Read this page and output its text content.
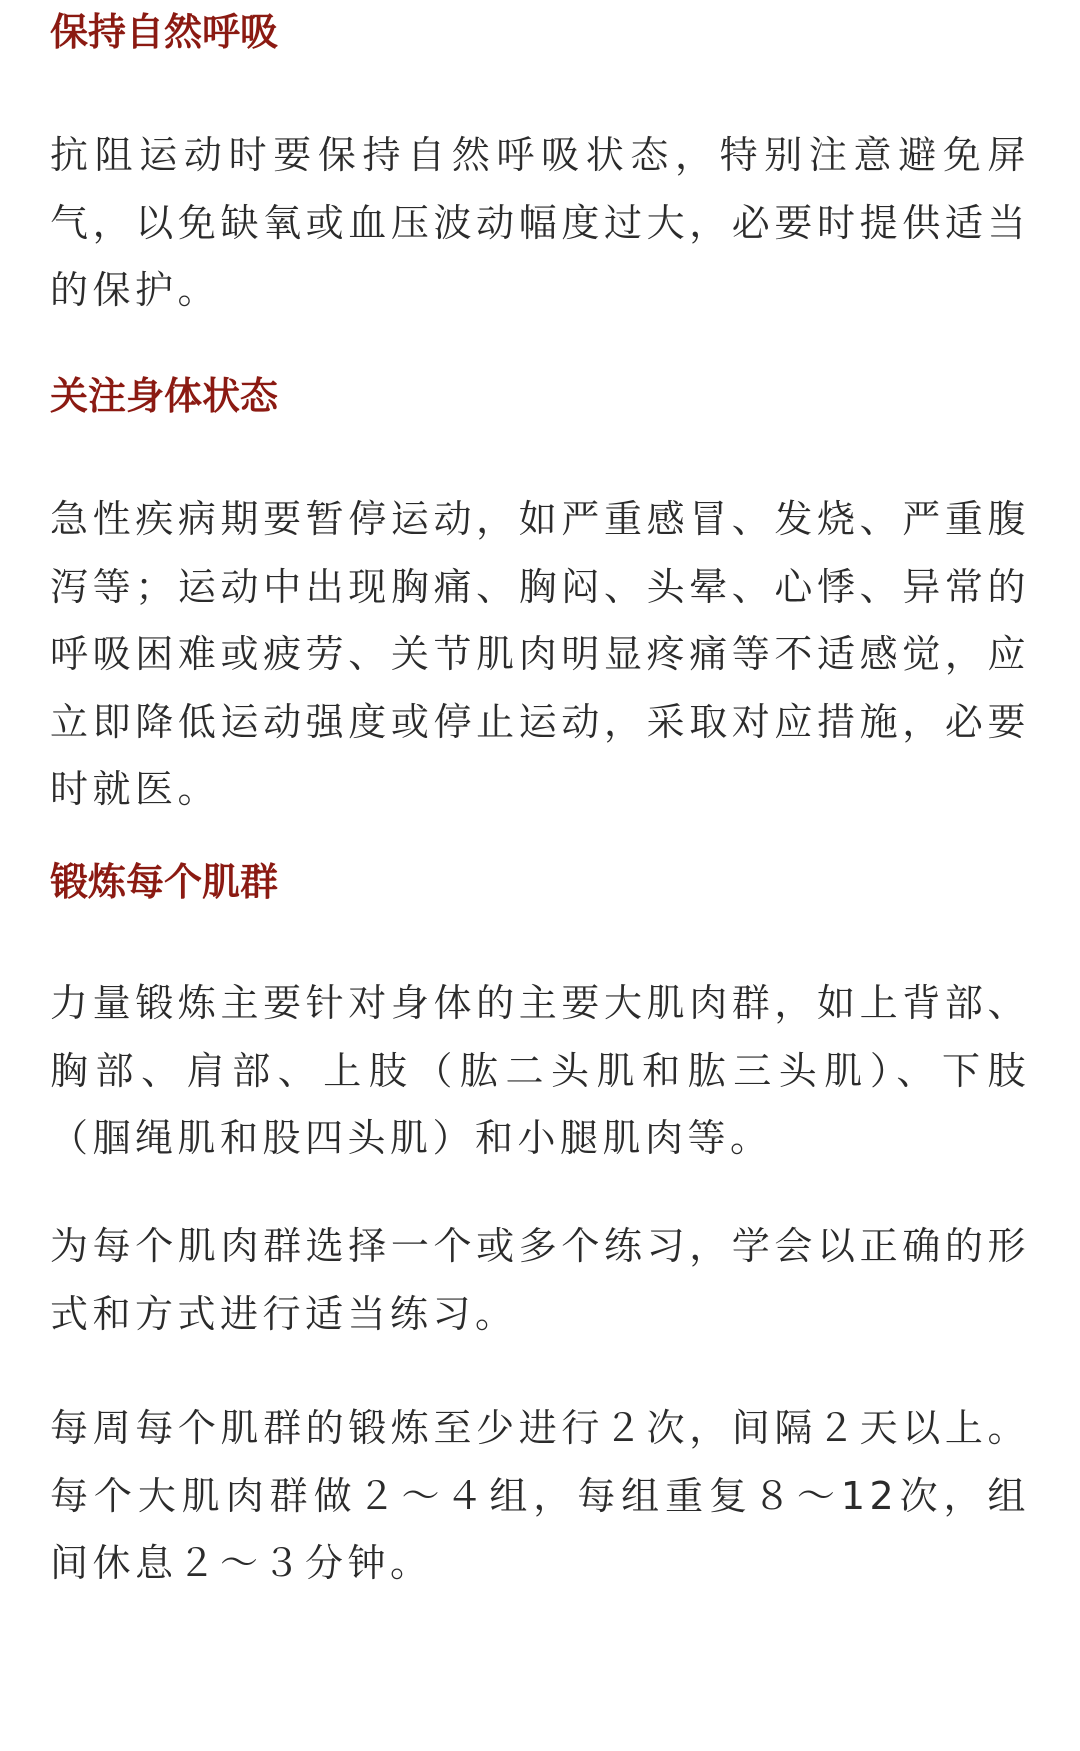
保持自然呼吸

抗阻运动时要保持自然呼吸状态，特别注意避免屏气，以免缺氧或血压波动幅度过大，必要时提供适当的保护。

关注身体状态

急性疾病期要暂停运动，如严重感冒、发烧、严重腹泻等；运动中出现胸痛、胸闷、头晕、心悸、异常的呼吸困难或疲劳、关节肌肉明显疼痛等不适感觉，应立即降低运动强度或停止运动，采取对应措施，必要时就医。

锻炼每个肌群

力量锻炼主要针对身体的主要大肌肉群，如上背部、胸部、肩部、上肢（肱二头肌和肱三头肌）、下肢（腘绳肌和股四头肌）和小腿肌肉等。

为每个肌肉群选择一个或多个练习，学会以正确的形式和方式进行适当练习。

每周每个肌群的锻炼至少进行２次，间隔２天以上。每个大肌肉群做２～４组，每组重复８～12次，组间休息２～３分钟。
